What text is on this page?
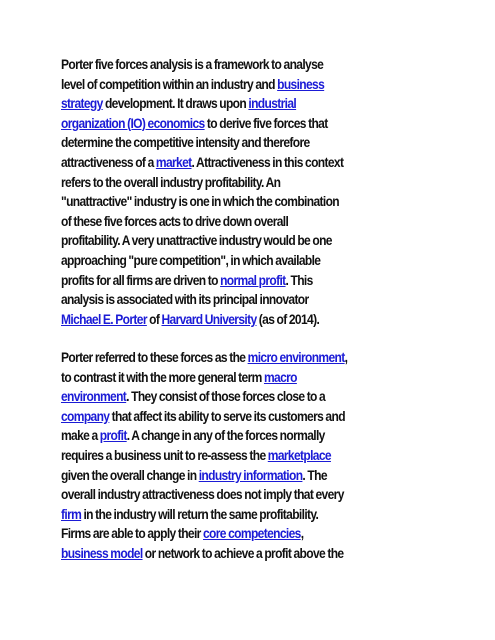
Porter five forces analysis is a framework to analyse
level of competition within an industry and business
strategy development. It draws upon industrial
organization (IO) economics to derive five forces that
determine the competitive intensity and therefore
attractiveness of a market. Attractiveness in this context
refers to the overall industry profitability. An
"unattractive" industry is one in which the combination
of these five forces acts to drive down overall
profitability. A very unattractive industry would be one
approaching "pure competition", in which available
profits for all firms are driven to normal profit. This
analysis is associated with its principal innovator
Michael E. Porter of Harvard University (as of 2014).
Porter referred to these forces as the micro environment,
to contrast it with the more general term macro
environment. They consist of those forces close to a
company that affect its ability to serve its customers and
make a profit. A change in any of the forces normally
requires a business unit to re-assess the marketplace
given the overall change in industry information. The
overall industry attractiveness does not imply that every
firm in the industry will return the same profitability.
Firms are able to apply their core competencies,
business model or network to achieve a profit above the
